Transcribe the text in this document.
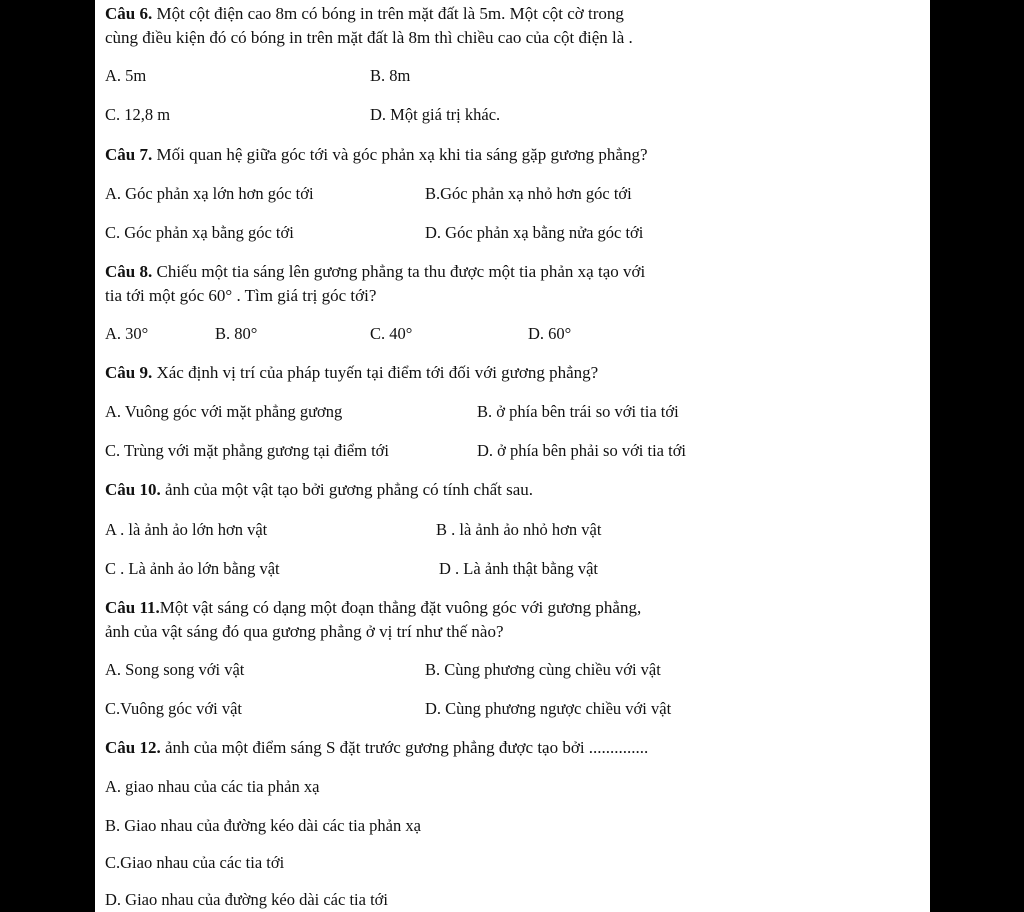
Câu 6. Một cột điện cao 8m có bóng in trên mặt đất là 5m. Một cột cờ trong
cùng điều kiện đó có bóng in trên mặt đất là 8m thì chiều cao của cột điện là .
A. 5m	B. 8m
C. 12,8 m	D. Một giá trị khác.
Câu 7. Mối quan hệ giữa góc tới và góc phản xạ khi tia sáng gặp gương phẳng?
A. Góc phản xạ lớn hơn góc tới	B.Góc phản xạ nhỏ hơn góc tới
C. Góc phản xạ bằng góc tới	D. Góc phản xạ bằng nửa góc tới
Câu 8. Chiếu một tia sáng lên gương phẳng ta thu được một tia phản xạ tạo với
tia tới một góc 60° . Tìm giá trị góc tới?
A. 30°	B. 80°	C. 40°	D. 60°
Câu 9. Xác định vị trí của pháp tuyến tại điểm tới đối với gương phẳng?
A. Vuông góc với mặt phẳng gương	B. ở phía bên trái so với tia tới
C. Trùng với mặt phẳng gương tại điểm tới	D. ở phía bên phải so với tia tới
Câu 10. ảnh của một vật tạo bởi gương phẳng có tính chất sau.
A . là ảnh ảo lớn hơn vật	B . là ảnh ảo nhỏ hơn vật
C . Là ảnh ảo lớn bằng vật	D . Là ảnh thật bằng vật
Câu 11.Một vật sáng có dạng một đoạn thẳng đặt vuông góc với gương phẳng,
ảnh của vật sáng đó qua gương phẳng ở vị trí như thế nào?
A. Song song với vật	B. Cùng phương cùng chiều với vật
C.Vuông góc với vật	D. Cùng phương ngược chiều với vật
Câu 12. ảnh của một điểm sáng S đặt trước gương phẳng được tạo bởi ..............
A. giao nhau của các tia phản xạ
B. Giao nhau của đường kéo dài các tia phản xạ
C.Giao nhau của các tia tới
D. Giao nhau của đường kéo dài các tia tới
